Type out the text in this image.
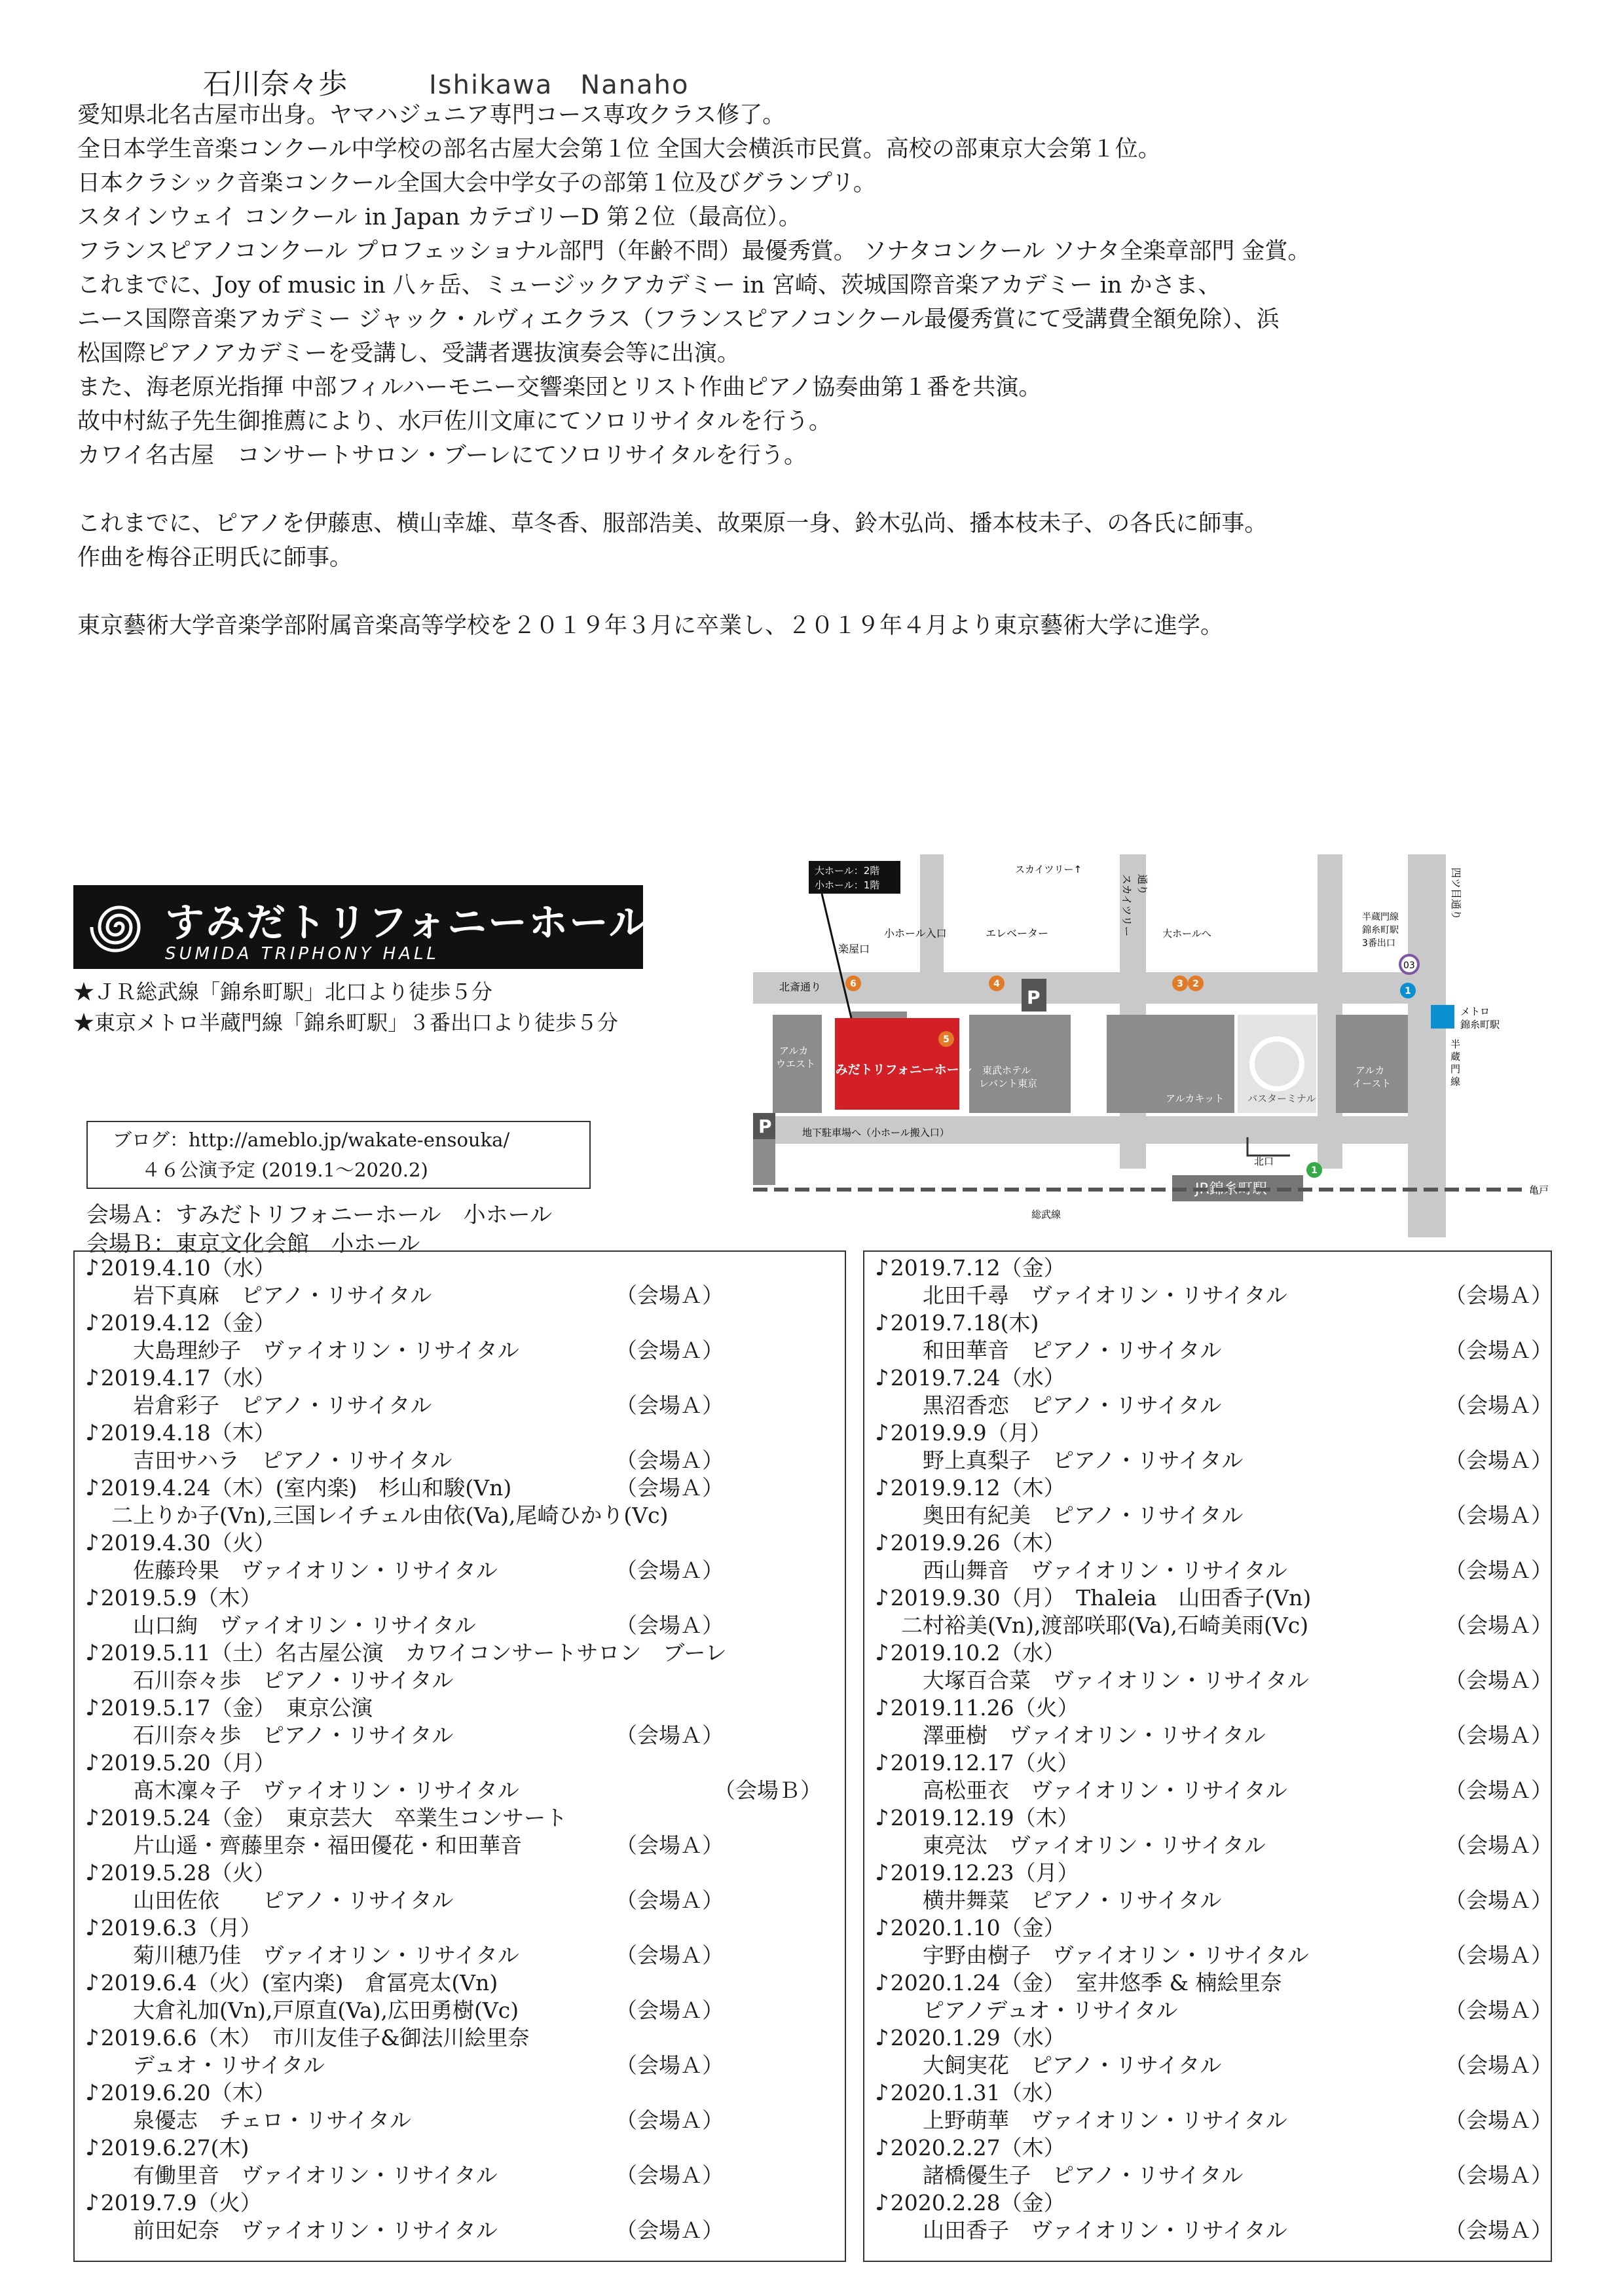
石川奈々歩	Ishikawa　Nanaho
愛知県北名古屋市出身。ヤマハジュニア専門コース専攻クラス修了。
全日本学生音楽コンクール中学校の部名古屋大会第１位 全国大会横浜市民賞。高校の部東京大会第１位。
日本クラシック音楽コンクール全国大会中学女子の部第１位及びグランプリ。
スタインウェイ コンクール in Japan カテゴリーD 第２位（最高位）。
フランスピアノコンクール プロフェッショナル部門（年齢不問）最優秀賞。 ソナタコンクール ソナタ全楽章部門 金賞。
これまでに、Joy of music in 八ヶ岳、ミュージックアカデミー in 宮崎、茨城国際音楽アカデミー in かさま、
ニース国際音楽アカデミー ジャック・ルヴィエクラス（フランスピアノコンクール最優秀賞にて受講費全額免除）、浜
松国際ピアノアカデミーを受講し、受講者選抜演奏会等に出演。
また、海老原光指揮 中部フィルハーモニー交響楽団とリスト作曲ピアノ協奏曲第１番を共演。
故中村紘子先生御推薦により、水戸佐川文庫にてソロリサイタルを行う。
カワイ名古屋　コンサートサロン・ブーレにてソロリサイタルを行う。
これまでに、ピアノを伊藤恵、横山幸雄、草冬香、服部浩美、故栗原一身、鈴木弘尚、播本枝未子、の各氏に師事。
作曲を梅谷正明氏に師事。
東京藝術大学音楽学部附属音楽高等学校を２０１９年３月に卒業し、２０１９年４月より東京藝術大学に進学。
すみだトリフォニーホール
SUMIDA TRIPHONY HALL
★ＪＲ総武線「錦糸町駅」北口より徒歩５分
★東京メトロ半蔵門線「錦糸町駅」３番出口より徒歩５分
すみだトリフォニーホール
大ホール：2階
小ホール：1階
スカイツリー↑
スカイツリー 通り
楽屋口
小ホール入口	エレベーター	大ホールへ
北斎通り
アルカ
ウエスト
東武ホテル
レバント東京
アルカキット バスターミナル
アルカ
イースト
P
P
地下駐車場へ（小ホール搬入口）
北口
JR錦糸町駅
総武線
亀戸
四ツ目通り
半蔵門線
錦糸町駅
3番出口
半
蔵
門
線
メトロ
錦糸町駅
03
6	4
5
3 2
1
1
ブログ：http://ameblo.jp/wakate-ensouka/
４６公演予定 (2019.1〜2020.2)
会場Ａ：すみだトリフォニーホール　小ホール
会場Ｂ：東京文化会館　小ホール
♪2019.4.10（水）
　岩下真麻　ピアノ・リサイタル	（会場Ａ）
♪2019.4.12（金）
　大島理紗子　ヴァイオリン・リサイタル	（会場Ａ）
♪2019.4.17（水）
　岩倉彩子　ピアノ・リサイタル	（会場Ａ）
♪2019.4.18（木）
　吉田サハラ　ピアノ・リサイタル	（会場Ａ）
♪2019.4.24（木）(室内楽)　杉山和駿(Vn)	（会場Ａ）
二上りか子(Vn),三国レイチェル由依(Va),尾崎ひかり(Vc)
♪2019.4.30（火）
　佐藤玲果　ヴァイオリン・リサイタル	（会場Ａ）
♪2019.5.9（木）
　山口絢　ヴァイオリン・リサイタル	（会場Ａ）
♪2019.5.11（土）名古屋公演　カワイコンサートサロン　ブーレ
　石川奈々歩　ピアノ・リサイタル
♪2019.5.17（金）　東京公演
　石川奈々歩　ピアノ・リサイタル	（会場Ａ）
♪2019.5.20（月）
　髙木凜々子　ヴァイオリン・リサイタル	（会場Ｂ）
♪2019.5.24（金）　東京芸大　卒業生コンサート
　片山遥・齊藤里奈・福田優花・和田華音	（会場Ａ）
♪2019.5.28（火）
　山田佐依　　ピアノ・リサイタル	（会場Ａ）
♪2019.6.3（月）
　菊川穂乃佳　ヴァイオリン・リサイタル	（会場Ａ）
♪2019.6.4（火）(室内楽)　倉冨亮太(Vn)
　大倉礼加(Vn),戸原直(Va),広田勇樹(Vc)	（会場Ａ）
♪2019.6.6（木）　市川友佳子&御法川絵里奈
　デュオ・リサイタル	（会場Ａ）
♪2019.6.20（木）
　泉優志　チェロ・リサイタル	（会場Ａ）
♪2019.6.27(木)
　有働里音　ヴァイオリン・リサイタル	（会場Ａ）
♪2019.7.9（火）
　前田妃奈　ヴァイオリン・リサイタル	（会場Ａ）
♪2019.7.12（金）
　北田千尋　ヴァイオリン・リサイタル	（会場Ａ）
♪2019.7.18(木)
　和田華音　ピアノ・リサイタル	（会場Ａ）
♪2019.7.24（水）
　黒沼香恋　ピアノ・リサイタル	（会場Ａ）
♪2019.9.9（月）
　野上真梨子　ピアノ・リサイタル	（会場Ａ）
♪2019.9.12（木）
　奥田有紀美　ピアノ・リサイタル	（会場Ａ）
♪2019.9.26（木）
　西山舞音　ヴァイオリン・リサイタル	（会場Ａ）
♪2019.9.30（月）　Thaleia　山田香子(Vn)
二村裕美(Vn),渡部咲耶(Va),石崎美雨(Vc)	（会場Ａ）
♪2019.10.2（水）
　大塚百合菜　ヴァイオリン・リサイタル	（会場Ａ）
♪2019.11.26（火）
　澤亜樹　ヴァイオリン・リサイタル	（会場Ａ）
♪2019.12.17（火）
　高松亜衣　ヴァイオリン・リサイタル	（会場Ａ）
♪2019.12.19（木）
　東亮汰　ヴァイオリン・リサイタル	（会場Ａ）
♪2019.12.23（月）
　横井舞菜　ピアノ・リサイタル	（会場Ａ）
♪2020.1.10（金）
　宇野由樹子　ヴァイオリン・リサイタル	（会場Ａ）
♪2020.1.24（金）　室井悠季 & 楠絵里奈
　ピアノデュオ・リサイタル	（会場Ａ）
♪2020.1.29（水）
　大飼実花　ピアノ・リサイタル	（会場Ａ）
♪2020.1.31（水）
　上野萌華　ヴァイオリン・リサイタル	（会場Ａ）
♪2020.2.27（木）
　諸橋優生子　ピアノ・リサイタル	（会場Ａ）
♪2020.2.28（金）
　山田香子　ヴァイオリン・リサイタル	（会場Ａ）
